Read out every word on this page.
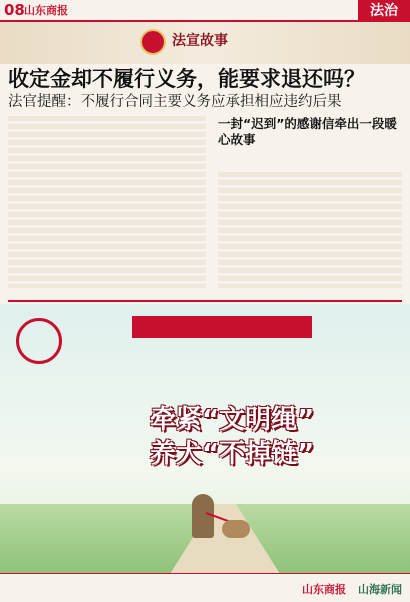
08 山东商报	法治
法宣故事
收定金却不履行义务，能要求退还吗？
法官提醒：不履行合同主要义务应承担相应违约后果
一封“迟到”的感谢信牵出一段暖心故事
牵紧“文明绳”
养犬“不掉链”
山东商报 山海新闻
